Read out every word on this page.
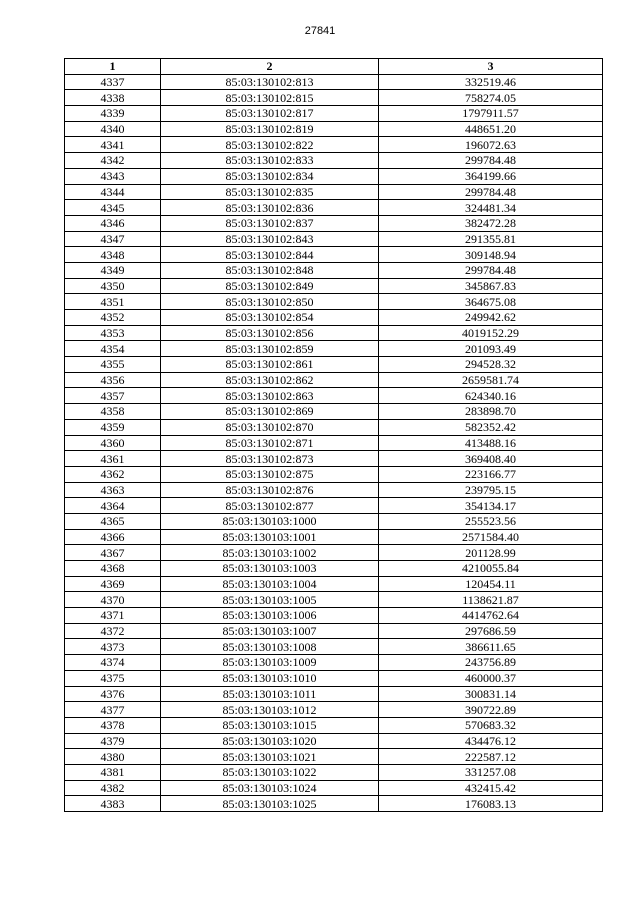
27841
1	2	3
4337	85:03:130102:813	332519.46
4338	85:03:130102:815	758274.05
4339	85:03:130102:817	1797911.57
4340	85:03:130102:819	448651.20
4341	85:03:130102:822	196072.63
4342	85:03:130102:833	299784.48
4343	85:03:130102:834	364199.66
4344	85:03:130102:835	299784.48
4345	85:03:130102:836	324481.34
4346	85:03:130102:837	382472.28
4347	85:03:130102:843	291355.81
4348	85:03:130102:844	309148.94
4349	85:03:130102:848	299784.48
4350	85:03:130102:849	345867.83
4351	85:03:130102:850	364675.08
4352	85:03:130102:854	249942.62
4353	85:03:130102:856	4019152.29
4354	85:03:130102:859	201093.49
4355	85:03:130102:861	294528.32
4356	85:03:130102:862	2659581.74
4357	85:03:130102:863	624340.16
4358	85:03:130102:869	283898.70
4359	85:03:130102:870	582352.42
4360	85:03:130102:871	413488.16
4361	85:03:130102:873	369408.40
4362	85:03:130102:875	223166.77
4363	85:03:130102:876	239795.15
4364	85:03:130102:877	354134.17
4365	85:03:130103:1000	255523.56
4366	85:03:130103:1001	2571584.40
4367	85:03:130103:1002	201128.99
4368	85:03:130103:1003	4210055.84
4369	85:03:130103:1004	120454.11
4370	85:03:130103:1005	1138621.87
4371	85:03:130103:1006	4414762.64
4372	85:03:130103:1007	297686.59
4373	85:03:130103:1008	386611.65
4374	85:03:130103:1009	243756.89
4375	85:03:130103:1010	460000.37
4376	85:03:130103:1011	300831.14
4377	85:03:130103:1012	390722.89
4378	85:03:130103:1015	570683.32
4379	85:03:130103:1020	434476.12
4380	85:03:130103:1021	222587.12
4381	85:03:130103:1022	331257.08
4382	85:03:130103:1024	432415.42
4383	85:03:130103:1025	176083.13
